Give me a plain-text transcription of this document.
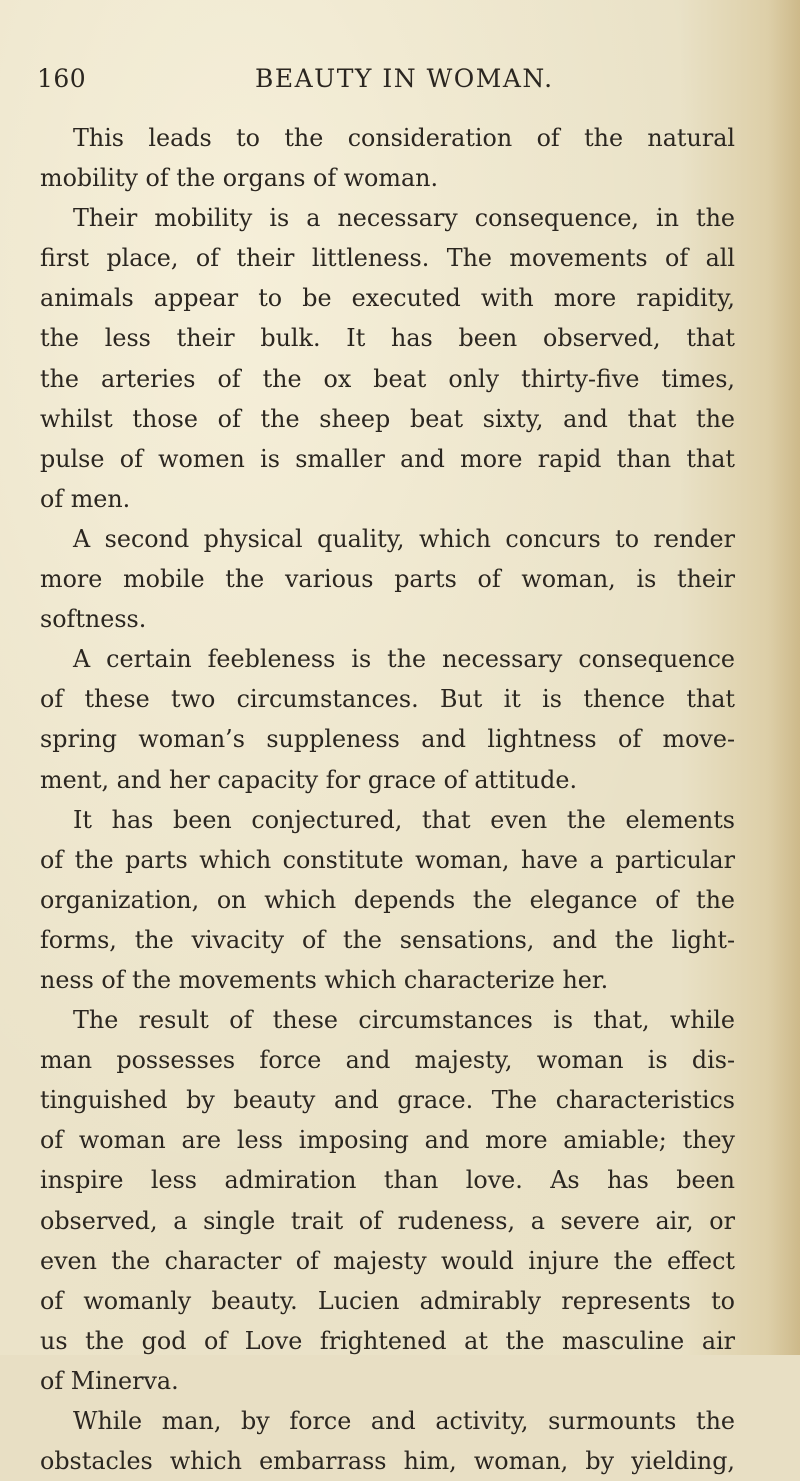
160	BEAUTY IN WOMAN.
This leads to the consideration of the natural
mobility of the organs of woman.
Their mobility is a necessary consequence, in the
first place, of their littleness. The movements of all
animals appear to be executed with more rapidity,
the less their bulk. It has been observed, that
the arteries of the ox beat only thirty-five times,
whilst those of the sheep beat sixty, and that the
pulse of women is smaller and more rapid than that
of men.
A second physical quality, which concurs to render
more mobile the various parts of woman, is their
softness.
A certain feebleness is the necessary consequence
of these two circumstances. But it is thence that
spring woman’s suppleness and lightness of move-
ment, and her capacity for grace of attitude.
It has been conjectured, that even the elements
of the parts which constitute woman, have a particular
organization, on which depends the elegance of the
forms, the vivacity of the sensations, and the light-
ness of the movements which characterize her.
The result of these circumstances is that, while
man possesses force and majesty, woman is dis-
tinguished by beauty and grace. The characteristics
of woman are less imposing and more amiable; they
inspire less admiration than love. As has been
observed, a single trait of rudeness, a severe air, or
even the character of majesty would injure the effect
of womanly beauty. Lucien admirably represents to
us the god of Love frightened at the masculine air
of Minerva.
While man, by force and activity, surmounts the
obstacles which embarrass him, woman, by yielding,
